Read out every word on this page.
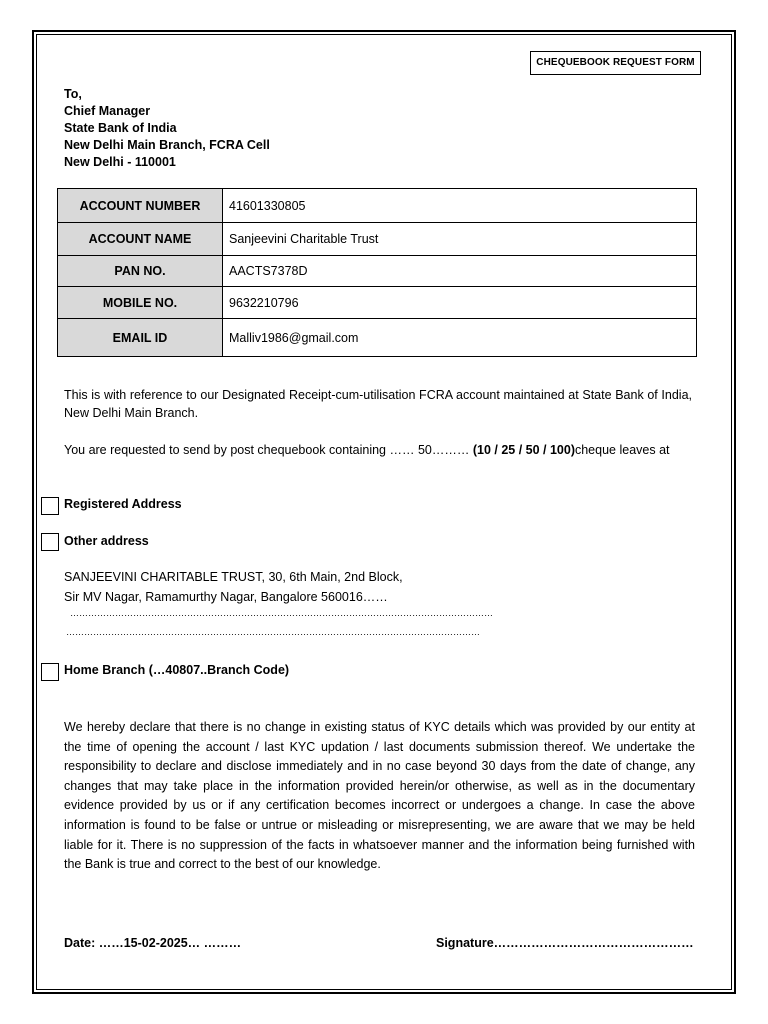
CHEQUEBOOK REQUEST FORM
To,
Chief Manager
State Bank of India
New Delhi Main Branch, FCRA Cell
New Delhi - 110001
ACCOUNT NUMBER	41601330805
ACCOUNT NAME	Sanjeevini Charitable Trust
PAN NO.	AACTS7378D
MOBILE NO.	9632210796
EMAIL ID	Malliv1986@gmail.com
This is with reference to our Designated Receipt-cum-utilisation FCRA account maintained at State Bank of India, New Delhi Main Branch.
You are requested to send by post chequebook containing …… 50……… (10 / 25 / 50 / 100)cheque leaves at
Registered Address
Other address
SANJEEVINI CHARITABLE TRUST, 30, 6th Main, 2nd Block,
Sir MV Nagar, Ramamurthy Nagar, Bangalore 560016……
……………………………………………………………………………………………………………………………
…………………………………………………………………………………………………………………………
Home Branch (…40807..Branch Code)
We hereby declare that there is no change in existing status of KYC details which was provided by our entity at the time of opening the account / last KYC updation / last documents submission thereof. We undertake the responsibility to declare and disclose immediately and in no case beyond 30 days from the date of change, any changes that may take place in the information provided herein/or otherwise, as well as in the documentary evidence provided by us or if any certification becomes incorrect or undergoes a change. In case the above information is found to be false or untrue or misleading or misrepresenting, we are aware that we may be held liable for it. There is no suppression of the facts in whatsoever manner and the information being furnished with the Bank is true and correct to the best of our knowledge.
Date: ……15-02-2025… ………	Signature…………………………………………
